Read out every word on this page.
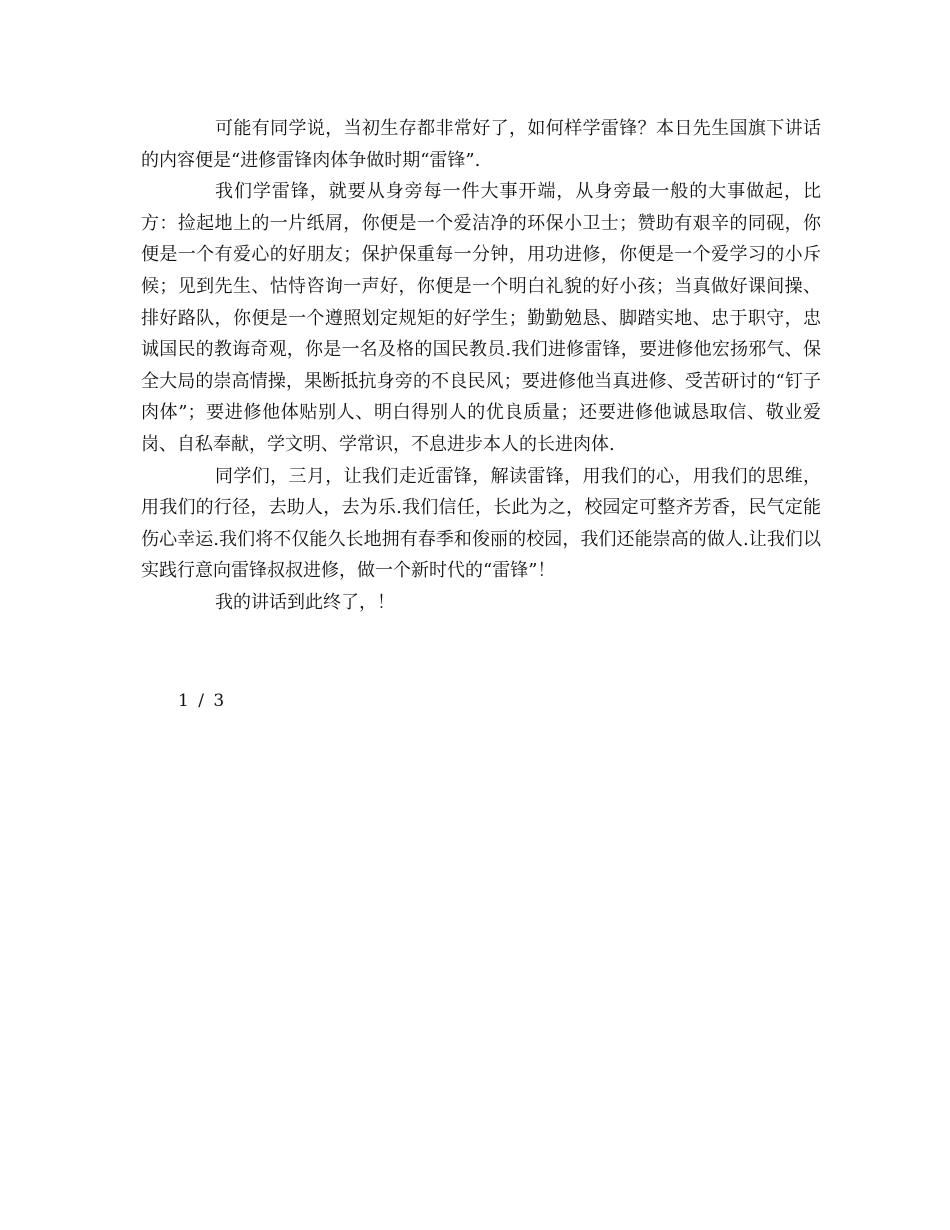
可能有同学说，当初生存都非常好了，如何样学雷锋？本日先生国旗下讲话的内容便是“进修雷锋肉体争做时期“雷锋”.

我们学雷锋，就要从身旁每一件大事开端，从身旁最一般的大事做起，比方：捡起地上的一片纸屑，你便是一个爱洁净的环保小卫士；赞助有艰辛的同砚，你便是一个有爱心的好朋友；保护保重每一分钟，用功进修，你便是一个爱学习的小斥候；见到先生、怙恃咨询一声好，你便是一个明白礼貌的好小孩；当真做好课间操、排好路队，你便是一个遵照划定规矩的好学生；勤勤勉恳、脚踏实地、忠于职守，忠诚国民的教诲奇观，你是一名及格的国民教员.我们进修雷锋，要进修他宏扬邪气、保全大局的崇高情操，果断抵抗身旁的不良民风；要进修他当真进修、受苦研讨的“钉子肉体”；要进修他体贴别人、明白得别人的优良质量；还要进修他诚恳取信、敬业爱岗、自私奉献，学文明、学常识，不息进步本人的长进肉体.

同学们，三月，让我们走近雷锋，解读雷锋，用我们的心，用我们的思维，用我们的行径，去助人，去为乐.我们信任，长此为之，校园定可整齐芳香，民气定能伤心幸运.我们将不仅能久长地拥有春季和俊丽的校园，我们还能崇高的做人.让我们以实践行意向雷锋叔叔进修，做一个新时代的“雷锋”！

我的讲话到此终了，！

1 / 3
